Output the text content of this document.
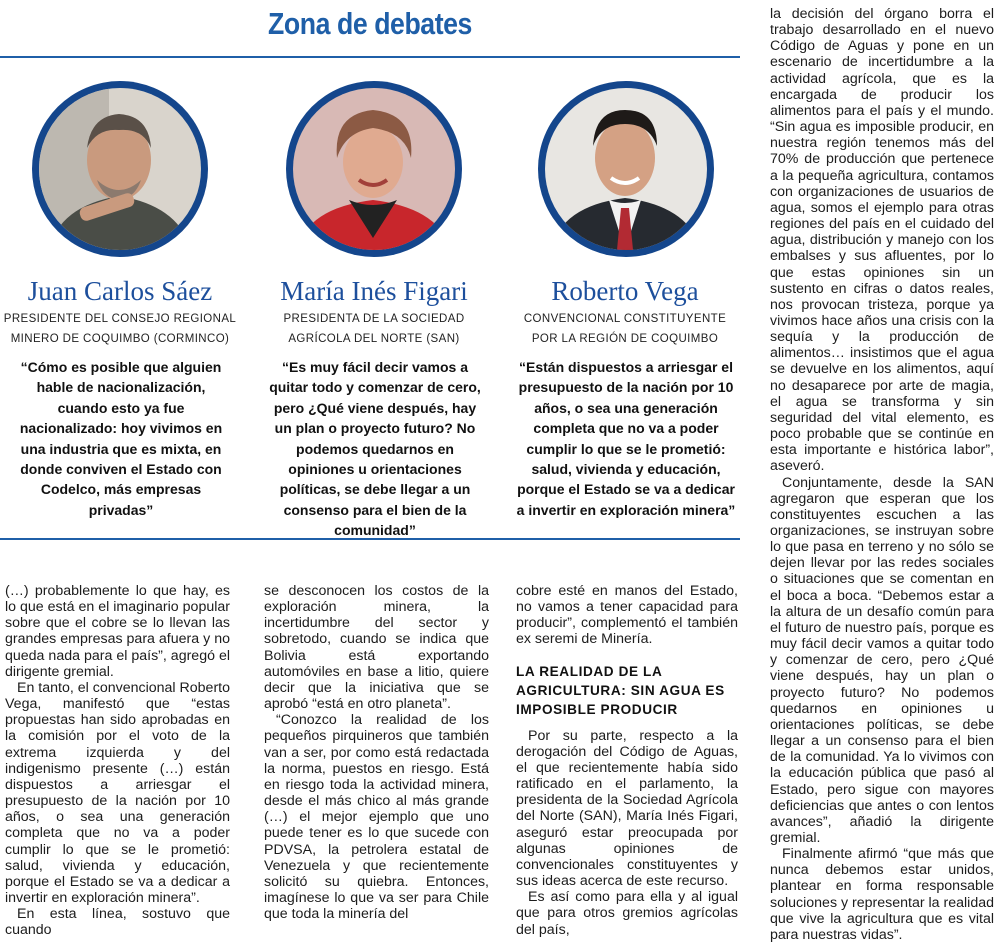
Zona de debates
Juan Carlos Sáez	María Inés Figari	Roberto Vega
PRESIDENTE DEL CONSEJO REGIONAL
MINERO DE COQUIMBO (CORMINCO)
PRESIDENTA DE LA SOCIEDAD
AGRÍCOLA DEL NORTE (SAN)
CONVENCIONAL CONSTITUYENTE
POR LA REGIÓN DE COQUIMBO
“Cómo es posible que alguien hable de nacionalización, cuando esto ya fue nacionalizado: hoy vivimos en una industria que es mixta, en donde conviven el Estado con Codelco, más empresas privadas”
“Es muy fácil decir vamos a quitar todo y comenzar de cero, pero ¿Qué viene después, hay un plan o proyecto futuro? No podemos quedarnos en opiniones u orientaciones políticas, se debe llegar a un consenso para el bien de la comunidad”
“Están dispuestos a arriesgar el presupuesto de la nación por 10 años, o sea una generación completa que no va a poder cumplir lo que se le prometió: salud, vivienda y educación, porque el Estado se va a dedicar a invertir en exploración minera”

(…) probablemente lo que hay, es lo que está en el imaginario popular sobre que el cobre se lo llevan las grandes empresas para afuera y no queda nada para el país”, agregó el dirigente gremial.

En tanto, el convencional Roberto Vega, manifestó que “estas propuestas han sido aprobadas en la comisión por el voto de la extrema izquierda y del indigenismo presente (…) están dispuestos a arriesgar el presupuesto de la nación por 10 años, o sea una generación completa que no va a poder cumplir lo que se le prometió: salud, vivienda y educación, porque el Estado se va a dedicar a invertir en exploración minera”.

En esta línea, sostuvo que cuando

se desconocen los costos de la exploración minera, la incertidumbre del sector y sobretodo, cuando se indica que Bolivia está exportando automóviles en base a litio, quiere decir que la iniciativa que se aprobó “está en otro planeta”.

“Conozco la realidad de los pequeños pirquineros que también van a ser, por como está redactada la norma, puestos en riesgo. Está en riesgo toda la actividad minera, desde el más chico al más grande (…) el mejor ejemplo que uno puede tener es lo que sucede con PDVSA, la petrolera estatal de Venezuela y que recientemente solicitó su quiebra. Entonces, imagínese lo que va ser para Chile que toda la minería del

cobre esté en manos del Estado, no vamos a tener capacidad para producir”, complementó el también ex seremi de Minería.

LA REALIDAD DE LA AGRICULTURA: SIN AGUA ES IMPOSIBLE PRODUCIR

Por su parte, respecto a la derogación del Código de Aguas, el que recientemente había sido ratificado en el parlamento, la presidenta de la Sociedad Agrícola del Norte (SAN), María Inés Figari, aseguró estar preocupada por algunas opiniones de convencionales constituyentes y sus ideas acerca de este recurso.

Es así como para ella y al igual que para otros gremios agrícolas del país,

la decisión del órgano borra el trabajo desarrollado en el nuevo Código de Aguas y pone en un escenario de incertidumbre a la actividad agrícola, que es la encargada de producir los alimentos para el país y el mundo. “Sin agua es imposible producir, en nuestra región tenemos más del 70% de producción que pertenece a la pequeña agricultura, contamos con organizaciones de usuarios de agua, somos el ejemplo para otras regiones del país en el cuidado del agua, distribución y manejo con los embalses y sus afluentes, por lo que estas opiniones sin un sustento en cifras o datos reales, nos provocan tristeza, porque ya vivimos hace años una crisis con la sequía y la producción de alimentos… insistimos que el agua se devuelve en los alimentos, aquí no desaparece por arte de magia, el agua se transforma y sin seguridad del vital elemento, es poco probable que se continúe en esta importante e histórica labor”, aseveró.

Conjuntamente, desde la SAN agregaron que esperan que los constituyentes escuchen a las organizaciones, se instruyan sobre lo que pasa en terreno y no sólo se dejen llevar por las redes sociales o situaciones que se comentan en el boca a boca. “Debemos estar a la altura de un desafío común para el futuro de nuestro país, porque es muy fácil decir vamos a quitar todo y comenzar de cero, pero ¿Qué viene después, hay un plan o proyecto futuro? No podemos quedarnos en opiniones u orientaciones políticas, se debe llegar a un consenso para el bien de la comunidad. Ya lo vivimos con la educación pública que pasó al Estado, pero sigue con mayores deficiencias que antes o con lentos avances”, añadió la dirigente gremial.

Finalmente afirmó “que más que nunca debemos estar unidos, plantear en forma responsable soluciones y representar la realidad que vive la agricultura que es vital para nuestras vidas”.
